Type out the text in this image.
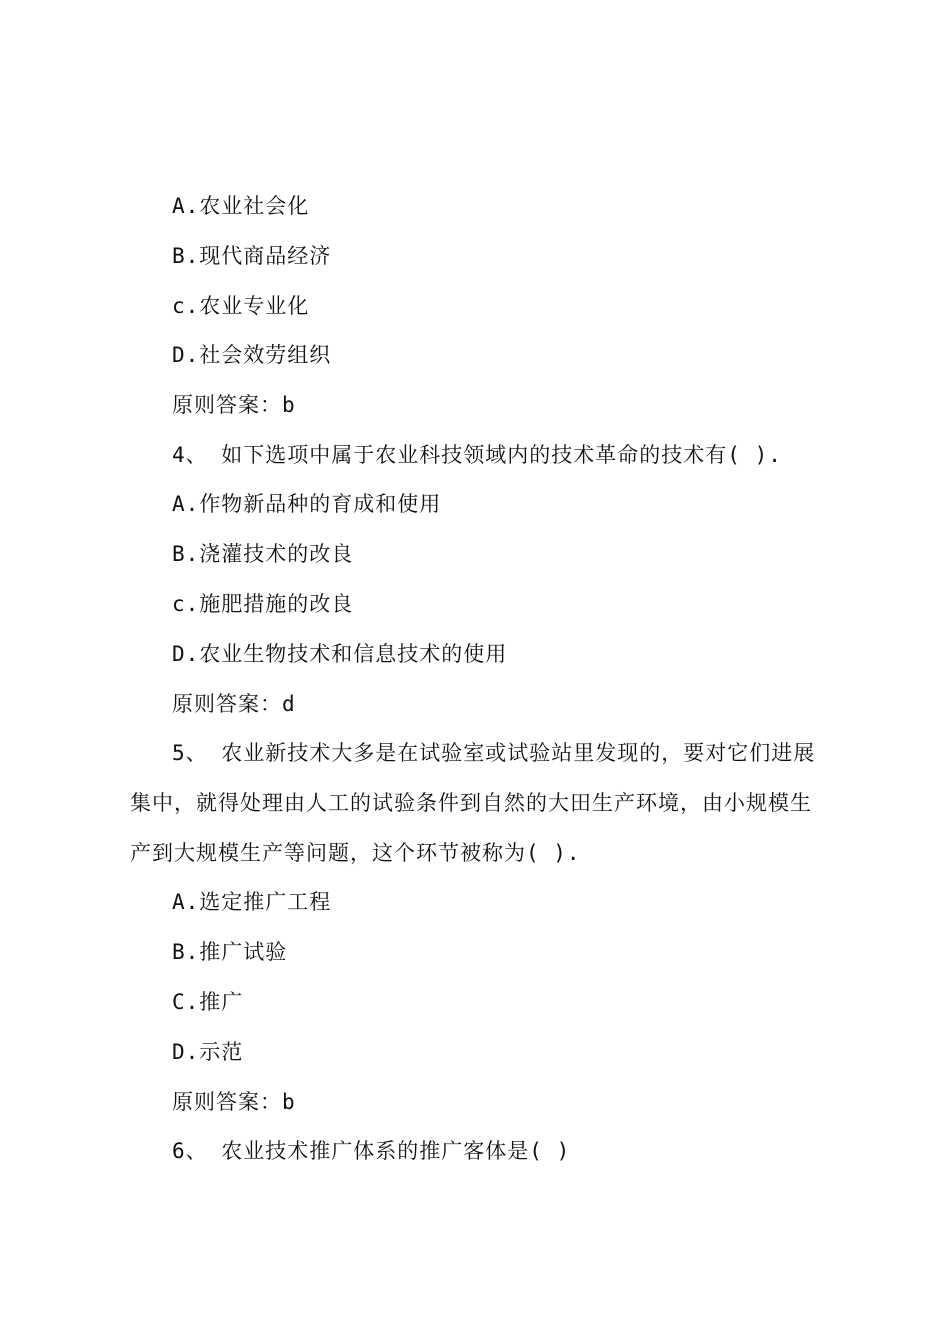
A.农业社会化
B.现代商品经济
c.农业专业化
D.社会效劳组织
原则答案：b
4、 如下选项中属于农业科技领域内的技术革命的技术有( ).
A.作物新品种的育成和使用
B.浇灌技术的改良
c.施肥措施的改良
D.农业生物技术和信息技术的使用
原则答案：d
5、 农业新技术大多是在试验室或试验站里发现的，要对它们进展
集中，就得处理由人工的试验条件到自然的大田生产环境，由小规模生
产到大规模生产等问题，这个环节被称为( ).
A.选定推广工程
B.推广试验
C.推广
D.示范
原则答案：b
6、 农业技术推广体系的推广客体是( )
